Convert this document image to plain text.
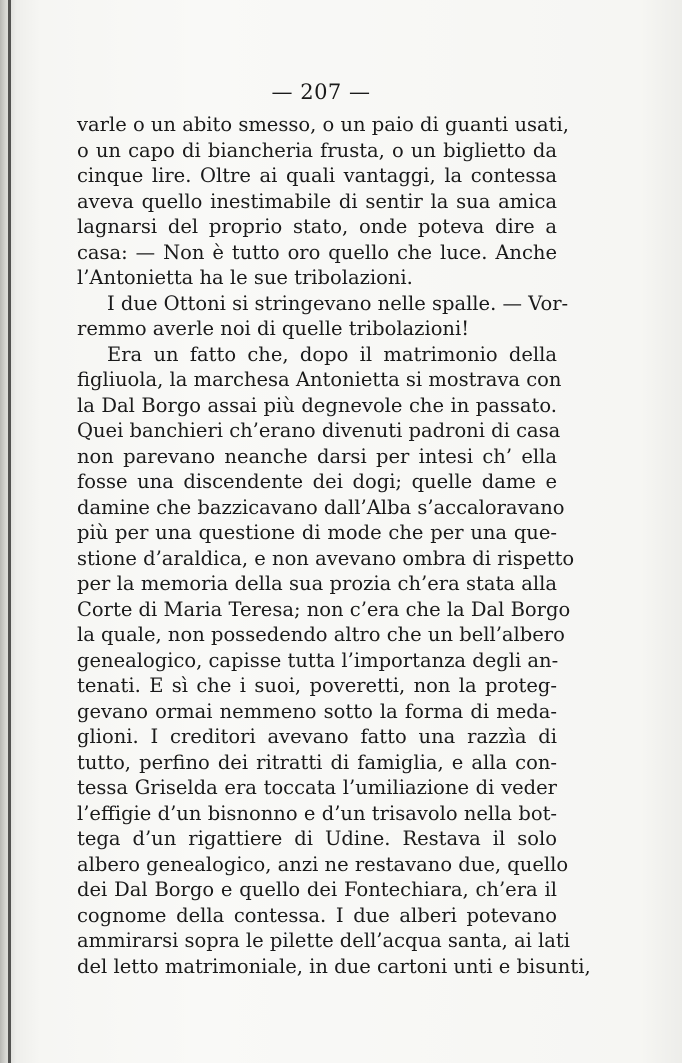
— 207 —
varle o un abito smesso, o un paio di guanti usati,
o un capo di biancheria frusta, o un biglietto da
cinque lire. Oltre ai quali vantaggi, la contessa
aveva quello inestimabile di sentir la sua amica
lagnarsi del proprio stato, onde poteva dire a
casa: — Non è tutto oro quello che luce. Anche
l’Antonietta ha le sue tribolazioni.
I due Ottoni si stringevano nelle spalle. — Vor-
remmo averle noi di quelle tribolazioni!
Era un fatto che, dopo il matrimonio della
figliuola, la marchesa Antonietta si mostrava con
la Dal Borgo assai più degnevole che in passato.
Quei banchieri ch’erano divenuti padroni di casa
non parevano neanche darsi per intesi ch’ ella
fosse una discendente dei dogi; quelle dame e
damine che bazzicavano dall’Alba s’accaloravano
più per una questione di mode che per una que-
stione d’araldica, e non avevano ombra di rispetto
per la memoria della sua prozia ch’era stata alla
Corte di Maria Teresa; non c’era che la Dal Borgo
la quale, non possedendo altro che un bell’albero
genealogico, capisse tutta l’importanza degli an-
tenati. E sì che i suoi, poveretti, non la proteg-
gevano ormai nemmeno sotto la forma di meda-
glioni. I creditori avevano fatto una razzìa di
tutto, perfino dei ritratti di famiglia, e alla con-
tessa Griselda era toccata l’umiliazione di veder
l’effigie d’un bisnonno e d’un trisavolo nella bot-
tega d’un rigattiere di Udine. Restava il solo
albero genealogico, anzi ne restavano due, quello
dei Dal Borgo e quello dei Fontechiara, ch’era il
cognome della contessa. I due alberi potevano
ammirarsi sopra le pilette dell’acqua santa, ai lati
del letto matrimoniale, in due cartoni unti e bisunti,
